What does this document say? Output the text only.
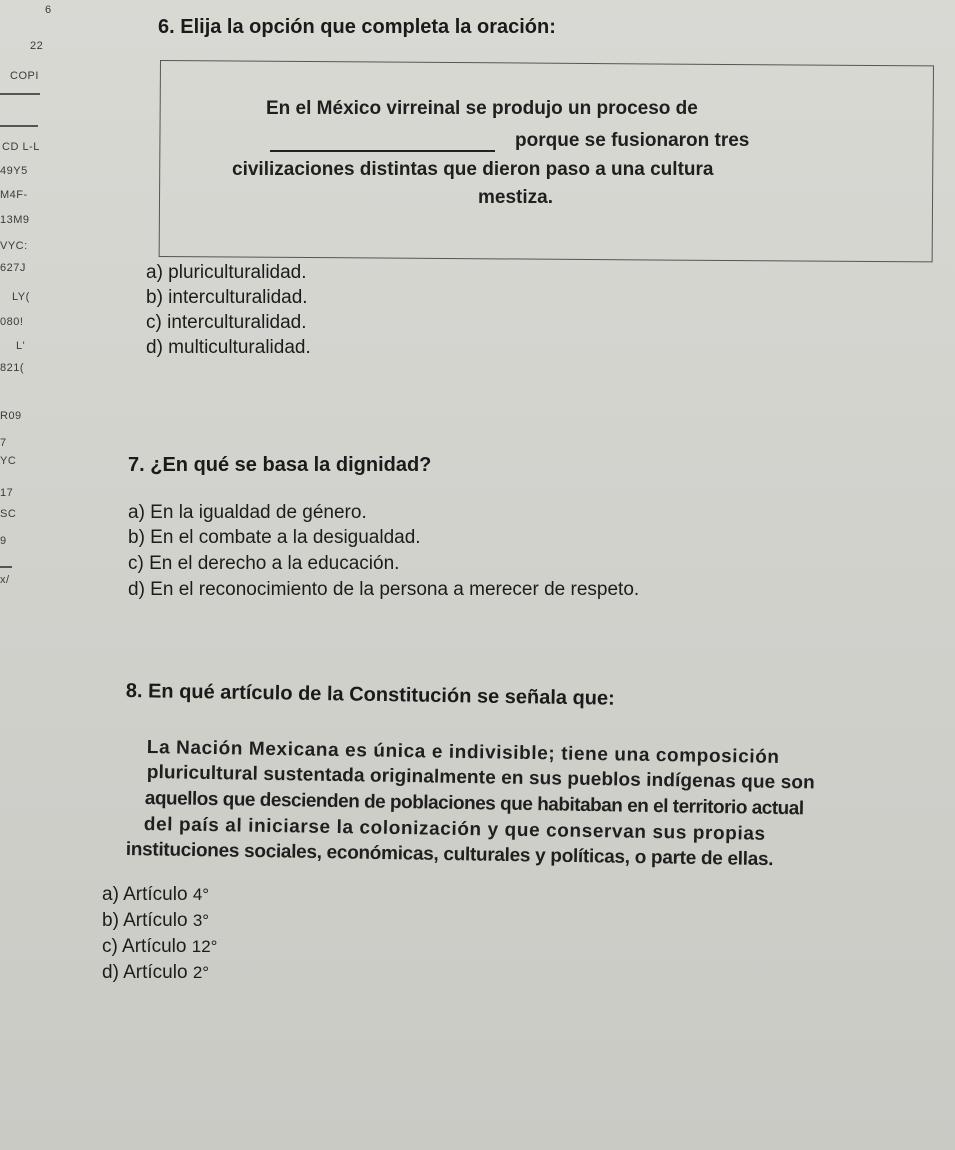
6
22
COPI
CD L-L
49Y5
M4F-
13M9
VYC:
627J
LY(
080!
L'
821(
R09
7
YC
17
SC
9
x/
6. Elija la opción que completa la oración:
En el México virreinal se produjo un proceso de
porque se fusionaron tres
civilizaciones distintas que dieron paso a una cultura
mestiza.
a) pluriculturalidad.
b) interculturalidad.
c) interculturalidad.
d) multiculturalidad.
7. ¿En qué se basa la dignidad?
a) En la igualdad de género.
b) En el combate a la desigualdad.
c) En el derecho a la educación.
d) En el reconocimiento de la persona a merecer de respeto.
8. En qué artículo de la Constitución se señala que:
La Nación Mexicana es única e indivisible; tiene una composición
pluricultural sustentada originalmente en sus pueblos indígenas que son
aquellos que descienden de poblaciones que habitaban en el territorio actual
del país al iniciarse la colonización y que conservan sus propias
instituciones sociales, económicas, culturales y políticas, o parte de ellas.
a) Artículo 4°
b) Artículo 3°
c) Artículo 12°
d) Artículo 2°
